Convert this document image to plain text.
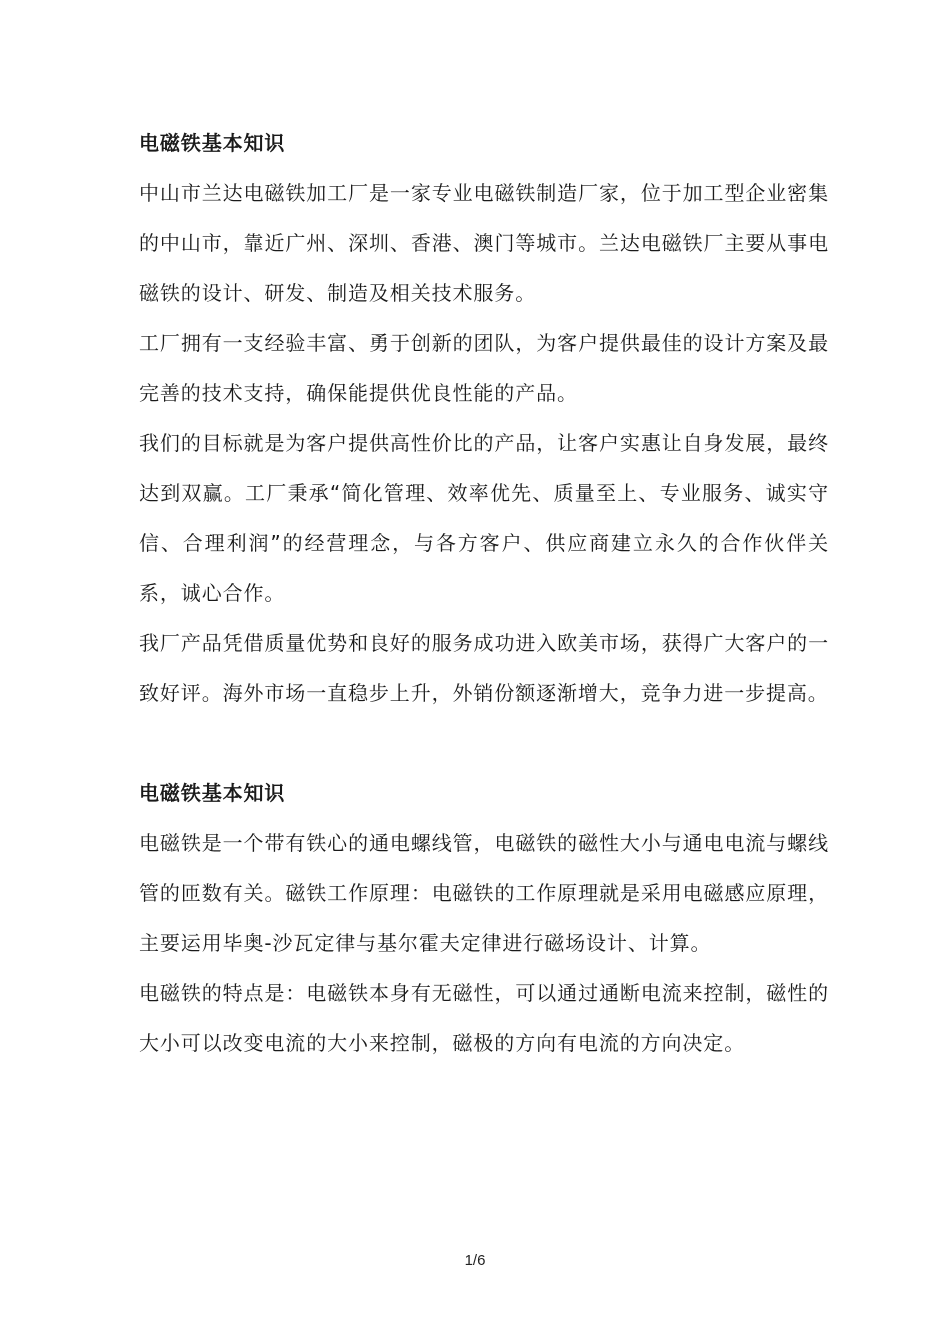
电磁铁基本知识

中山市兰达电磁铁加工厂是一家专业电磁铁制造厂家，位于加工型企业密集的中山市，靠近广州、深圳、香港、澳门等城市。兰达电磁铁厂主要从事电磁铁的设计、研发、制造及相关技术服务。

工厂拥有一支经验丰富、勇于创新的团队，为客户提供最佳的设计方案及最完善的技术支持，确保能提供优良性能的产品。

我们的目标就是为客户提供高性价比的产品，让客户实惠让自身发展，最终达到双赢。工厂秉承“简化管理、效率优先、质量至上、专业服务、诚实守信、合理利润”的经营理念，与各方客户、供应商建立永久的合作伙伴关系，诚心合作。

我厂产品凭借质量优势和良好的服务成功进入欧美市场，获得广大客户的一致好评。海外市场一直稳步上升，外销份额逐渐增大，竞争力进一步提高。

电磁铁基本知识

电磁铁是一个带有铁心的通电螺线管，电磁铁的磁性大小与通电电流与螺线管的匝数有关。磁铁工作原理：电磁铁的工作原理就是采用电磁感应原理，主要运用毕奥-沙瓦定律与基尔霍夫定律进行磁场设计、计算。

电磁铁的特点是：电磁铁本身有无磁性，可以通过通断电流来控制，磁性的大小可以改变电流的大小来控制，磁极的方向有电流的方向决定。

1/6
